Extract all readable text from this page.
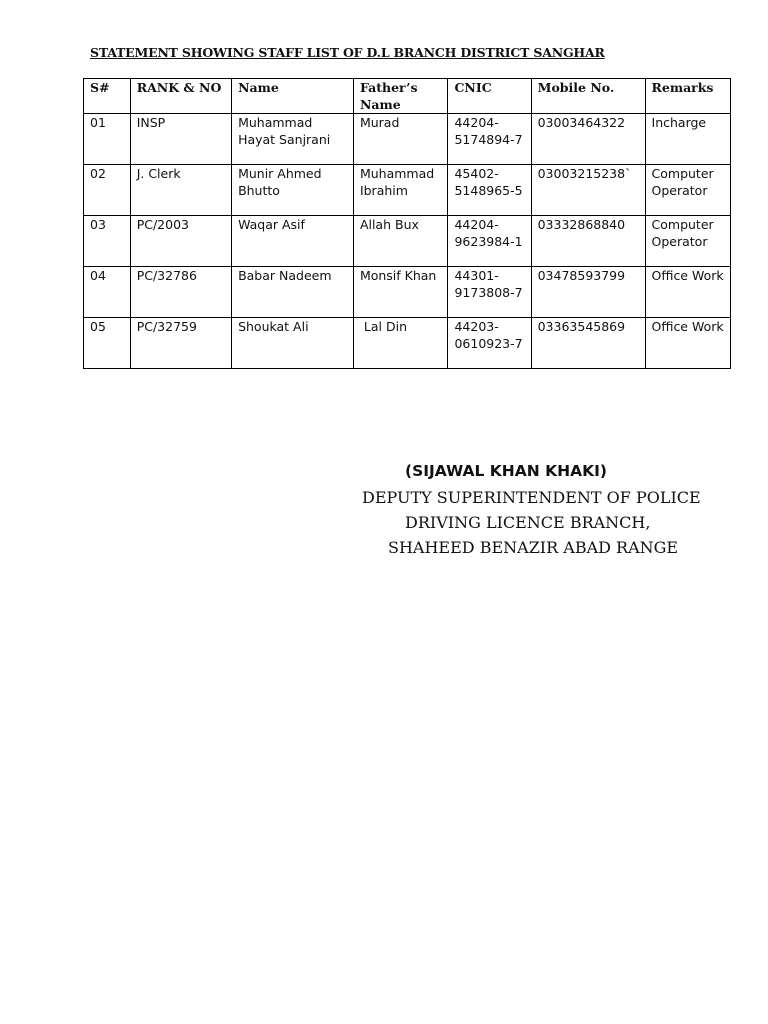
STATEMENT SHOWING STAFF LIST OF D.L BRANCH DISTRICT SANGHAR
S#	RANK & NO	Name	Father’s Name	CNIC	Mobile No.	Remarks
01	INSP	Muhammad Hayat Sanjrani	Murad	44204-5174894-7	03003464322	Incharge
02	J. Clerk	Munir Ahmed Bhutto	Muhammad Ibrahim	45402-5148965-5	03003215238`	Computer Operator
03	PC/2003	Waqar Asif	Allah Bux	44204-9623984-1	03332868840	Computer Operator
04	PC/32786	Babar Nadeem	Monsif Khan	44301-9173808-7	03478593799	Office Work
05	PC/32759	Shoukat Ali	Lal Din	44203-0610923-7	03363545869	Office Work
(SIJAWAL KHAN KHAKI)
DEPUTY SUPERINTENDENT OF POLICE
DRIVING LICENCE BRANCH,
SHAHEED BENAZIR ABAD RANGE
